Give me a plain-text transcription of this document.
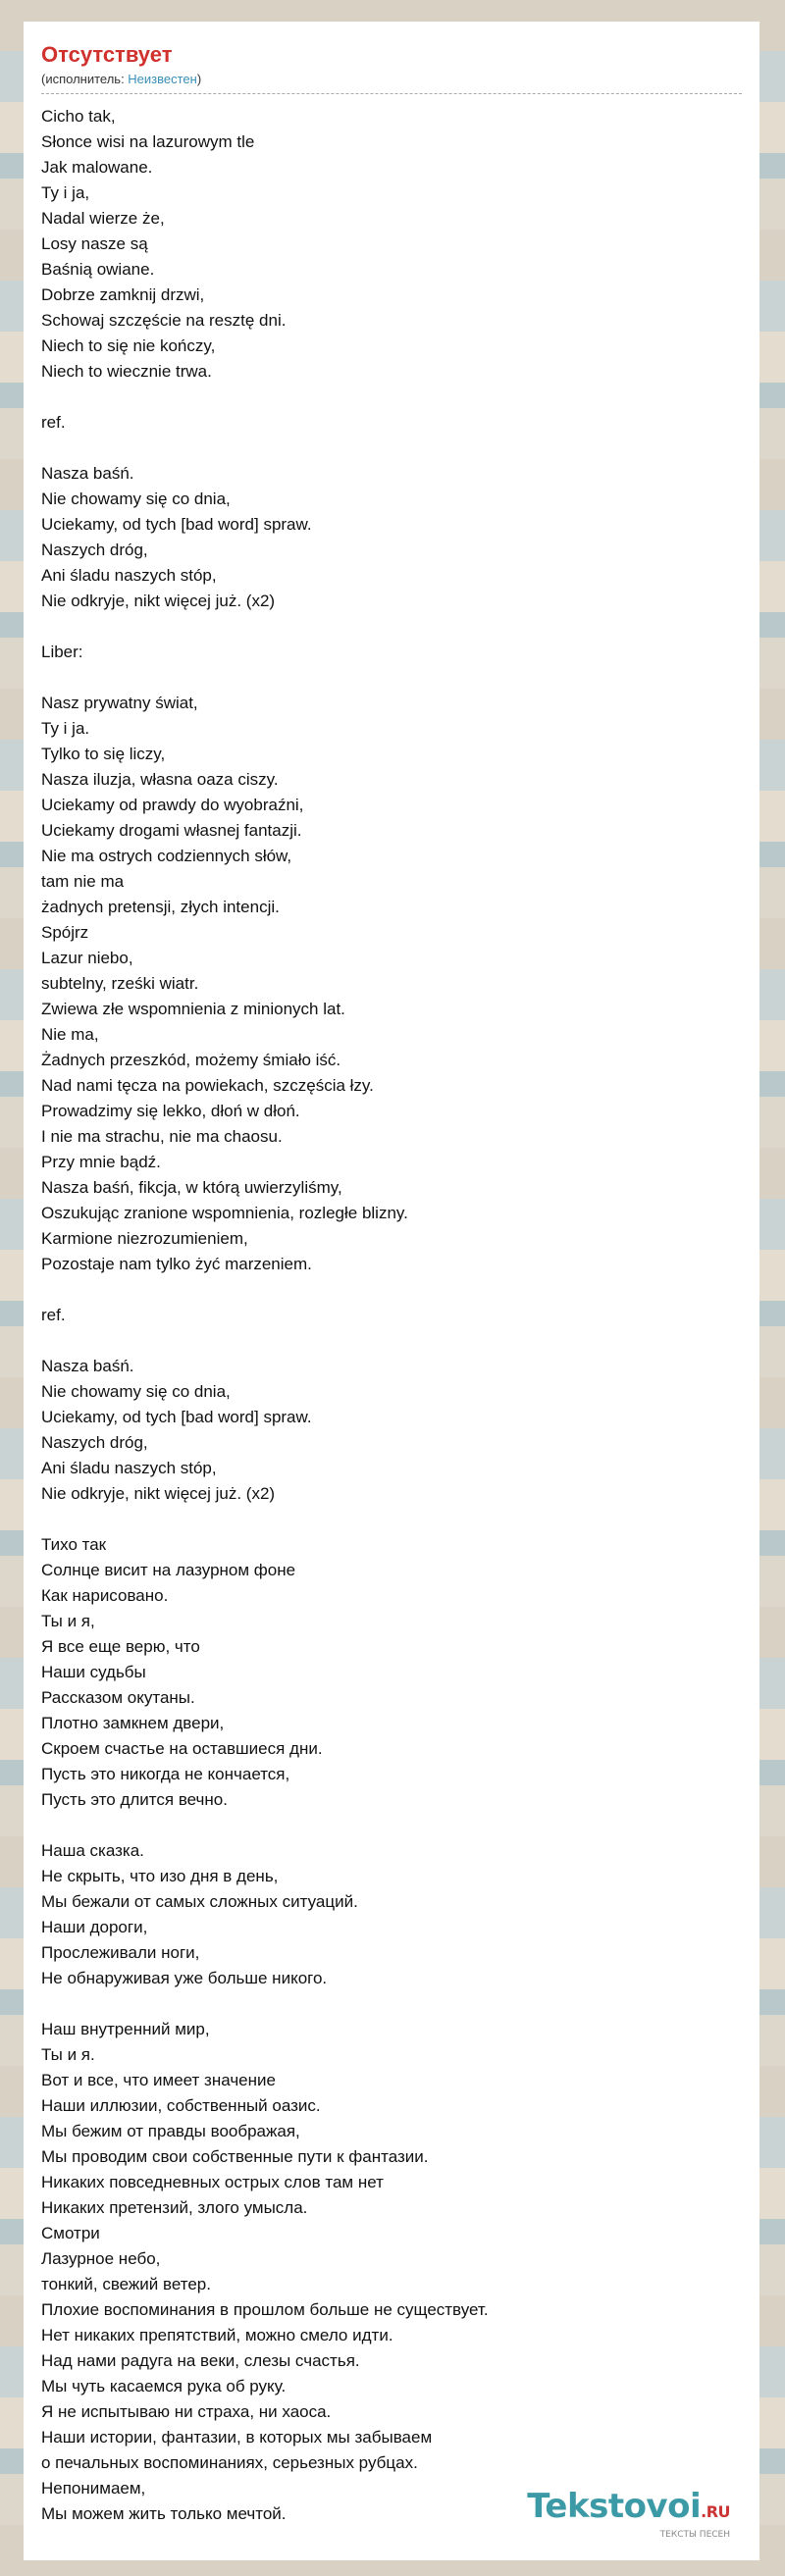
Отсутствует
(исполнитель: Неизвестен)
Cicho tak,
Słonce wisi na lazurowym tle
Jak malowane.
Ty i ja,
Nadal wierze że,
Losy nasze są
Baśnią owiane.
Dobrze zamknij drzwi,
Schowaj szczęście na resztę dni.
Niech to się nie kończy,
Niech to wiecznie trwa.

ref.

Nasza baśń.
Nie chowamy się co dnia,
Uciekamy, od tych [bad word] spraw.
Naszych dróg,
Ani śladu naszych stóp,
Nie odkryje, nikt więcej już. (x2)

Liber:

Nasz prywatny świat,
Ty i ja.
Tylko to się liczy,
Nasza iluzja, własna oaza ciszy.
Uciekamy od prawdy do wyobraźni,
Uciekamy drogami własnej fantazji.
Nie ma ostrych codziennych słów,
tam nie ma
żadnych pretensji, złych intencji.
Spójrz
Lazur niebo,
subtelny, rześki wiatr.
Zwiewa złe wspomnienia z minionych lat.
Nie ma,
Żadnych przeszkód, możemy śmiało iść.
Nad nami tęcza na powiekach, szczęścia łzy.
Prowadzimy się lekko, dłoń w dłoń.
I nie ma strachu, nie ma chaosu.
Przy mnie bądź.
Nasza baśń, fikcja, w którą uwierzyliśmy,
Oszukując zranione wspomnienia, rozległe blizny.
Karmione niezrozumieniem,
Pozostaje nam tylko żyć marzeniem.

ref.

Nasza baśń.
Nie chowamy się co dnia,
Uciekamy, od tych [bad word] spraw.
Naszych dróg,
Ani śladu naszych stóp,
Nie odkryje, nikt więcej już. (x2)

Тихо так
Солнце висит на лазурном фоне
Как нарисовано.
Ты и я,
Я все еще верю, что
Наши судьбы
Рассказом окутаны.
Плотно замкнем двери,
Скроем счастье на оставшиеся дни.
Пусть это никогда не кончается,
Пусть это длится вечно.

Наша сказка.
Не скрыть, что изо дня в день,
Мы бежали от самых сложных ситуаций.
Наши дороги,
Прослеживали ноги,
Не обнаруживая уже больше никого.

Наш внутренний мир,
Ты и я.
Вот и все, что имеет значение
Наши иллюзии, собственный оазис.
Мы бежим от правды воображая,
Мы проводим свои собственные пути к фантазии.
Никаких повседневных острых слов там нет
Никаких претензий, злого умысла.
Смотри
Лазурное небо,
тонкий, свежий ветер.
Плохие воспоминания в прошлом больше не существует.
Нет никаких препятствий, можно смело идти.
Над нами радуга на веки, слезы счастья.
Мы чуть касаемся рука об руку.
Я не испытываю ни страха, ни хаоса.
Наши истории, фантазии, в которых мы забываем
о печальных воспоминаниях, серьезных рубцах.
Непонимаем,
Мы можем жить только мечтой.	Tekstovoi.RU
ТЕКСТЫ ПЕСЕН
